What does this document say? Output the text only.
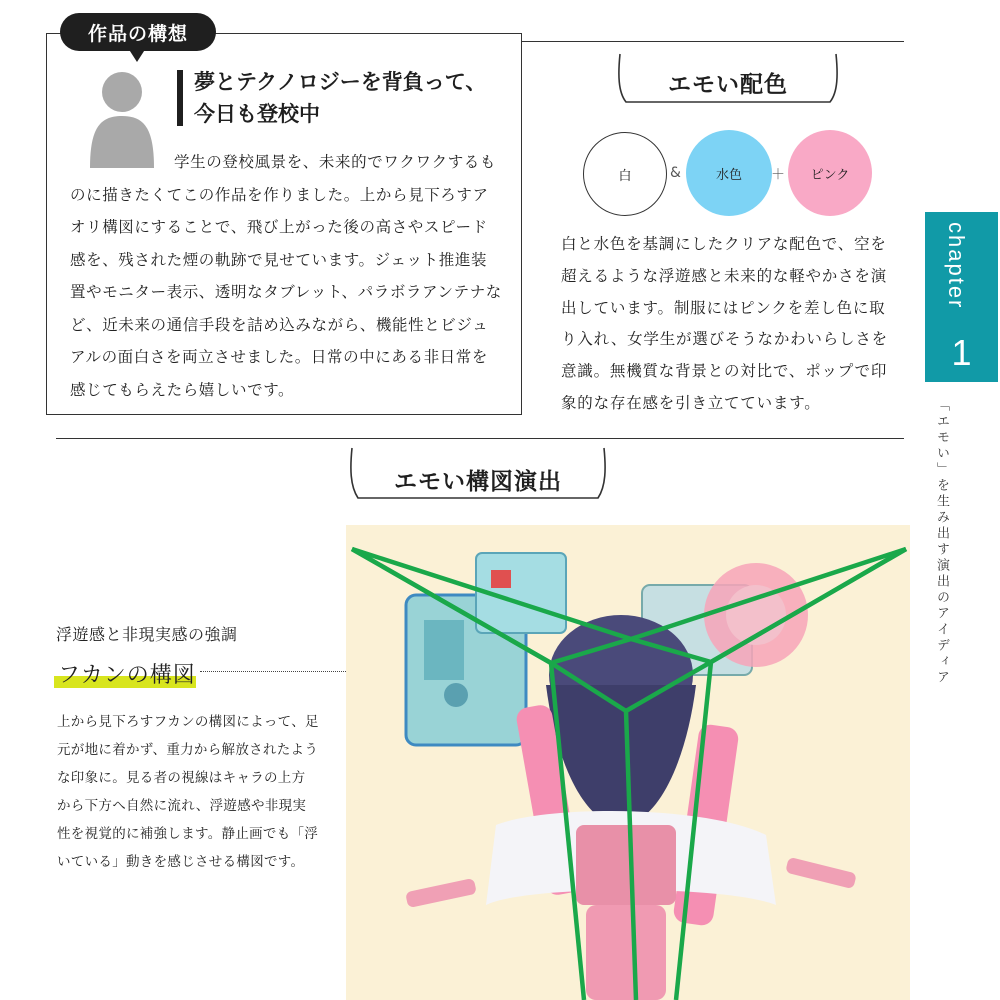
作品の構想
夢とテクノロジーを背負って、
今日も登校中
学生の登校風景を、未来的でワクワクするものに描きたくてこの作品を作りました。上から見下ろすアオリ構図にすることで、飛び上がった後の高さやスピード感を、残された煙の軌跡で見せています。ジェット推進装置やモニター表示、透明なタブレット、パラボラアンテナなど、近未来の通信手段を詰め込みながら、機能性とビジュアルの面白さを両立させました。日常の中にある非日常を感じてもらえたら嬉しいです。
エモい配色
白	&	水色 ＋ ピンク
白と水色を基調にしたクリアな配色で、空を超えるような浮遊感と未来的な軽やかさを演出しています。制服にはピンクを差し色に取り入れ、女学生が選びそうなかわいらしさを意識。無機質な背景との対比で、ポップで印象的な存在感を引き立てています。
chapter
1
「エモい」を生み出す演出のアイディア
エモい構図演出
浮遊感と非現実感の強調
フカンの構図
上から見下ろすフカンの構図によって、足元が地に着かず、重力から解放されたような印象に。見る者の視線はキャラの上方から下方へ自然に流れ、浮遊感や非現実性を視覚的に補強します。静止画でも「浮いている」動きを感じさせる構図です。
